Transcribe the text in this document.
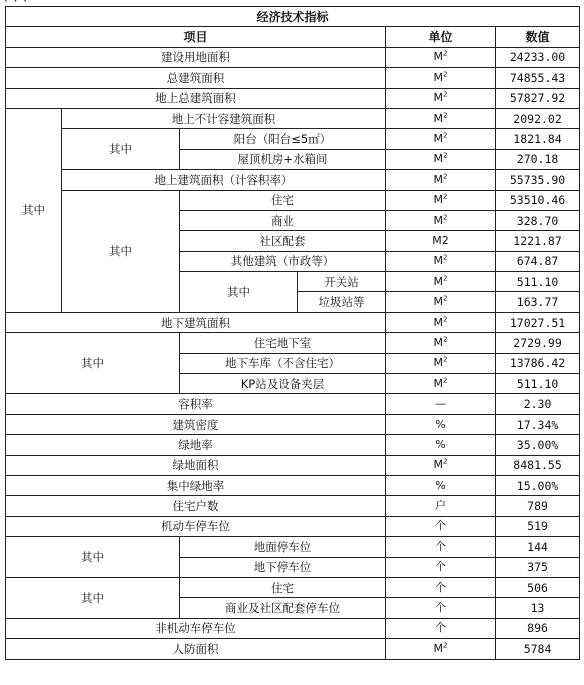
· · ·
经济技术指标					
项目				单位	数值
建设用地面积				$M^2$	24233.00
总建筑面积				$M^2$	74855.43
地上总建筑面积				$M^2$	57827.92
其中	地上不计容建筑面积			$M^2$	2092.02
	其中	阳台（阳台≤5㎡）		$M^2$	1821.84
		屋顶机房+水箱间		$M^2$	270.18
	地上建筑面积（计容积率）			$M^2$	55735.90
	其中	住宅		$M^2$	53510.46
		商业		$M^2$	328.70
		社区配套		M2	1221.87
		其他建筑（市政等）		$M^2$	674.87
		其中	开关站	$M^2$	511.10
			垃圾站等	$M^2$	163.77
地下建筑面积				$M^2$	17027.51
其中		住宅地下室		$M^2$	2729.99
		地下车库（不含住宅）		$M^2$	13786.42
		KP站及设备夹层		$M^2$	511.10
容积率				—	2.30
建筑密度				%	17.34%
绿地率				%	35.00%
绿地面积				$M^2$	8481.55
集中绿地率				%	15.00%
住宅户数				户	789
机动车停车位				个	519
其中		地面停车位		个	144
		地下停车位		个	375
其中		住宅		个	506
		商业及社区配套停车位		个	13
非机动车停车位				个	896
人防面积				$M^2$	5784
